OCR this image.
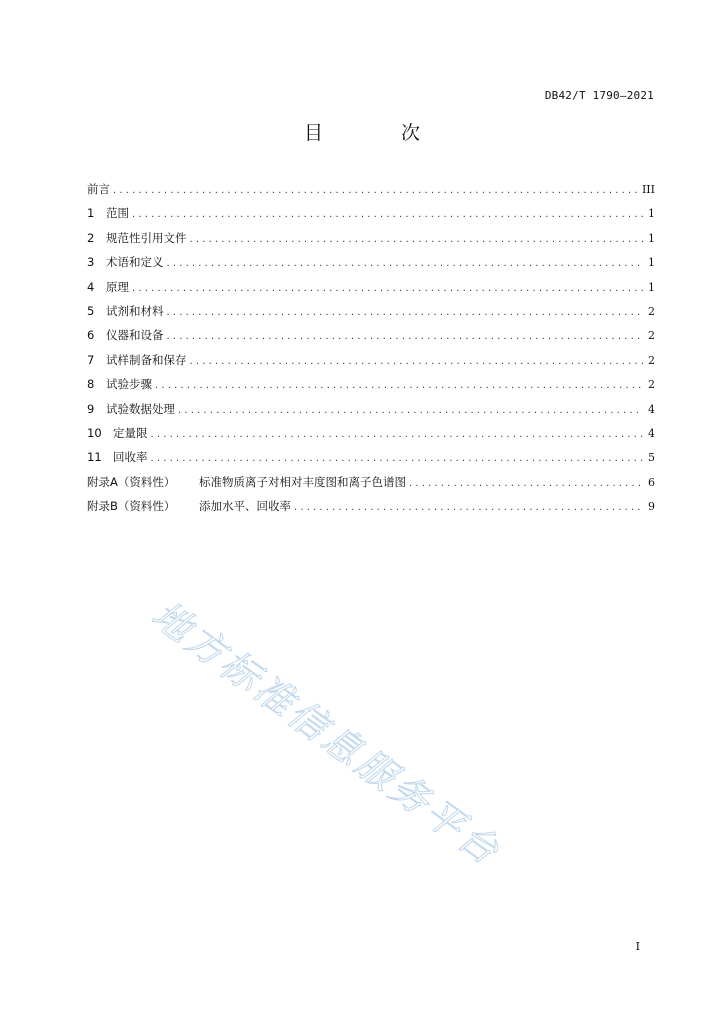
DB42/T 1790—2021
目 次
前言 . . .	III
1	范围 . . .	1
2	规范性引用文件 . . .	1
3	术语和定义 . . .	1
4	原理 . . .	1
5	试剂和材料 . . .	2
6	仪器和设备 . . .	2
7	试样制备和保存 . . .	2
8	试验步骤 . . .	2
9	试验数据处理 . . .	4
10 定量限 . . .	4
11 回收率 . . .	5
附录A（资料性）	标准物质离子对相对丰度图和离子色谱图 . . .	6
附录B（资料性）	添加水平、回收率 . . .	9
地方标准信息服务平台
I
